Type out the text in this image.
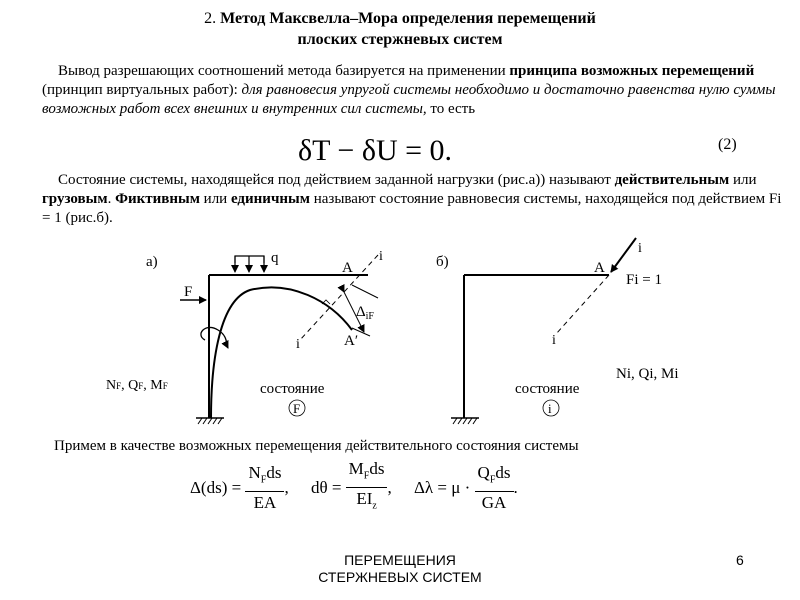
2. Метод Максвелла–Мора определения перемещений
плоских стержневых систем
Вывод разрешающих соотношений метода базируется на применении принципа возможных перемещений (принцип виртуальных работ): для равновесия упругой системы необходимо и достаточно равенства нулю суммы возможных работ всех внешних и внутренних сил системы, то есть
δT − δU = 0.	(2)
Состояние системы, находящейся под действием заданной нагрузки (рис.а)) называют действительным или грузовым. Фиктивным или единичным называют состояние равновесия системы, находящейся под действием Fi = 1 (рис.б).
а)	q
F
i
i
A
A′
$\Delta_{iF}$
NF, QF, MF	состояние
F
б)
i
i
A
Fi = 1
Ni, Qi, Mi
состояние
i
Примем в качестве возможных перемещения действительного состояния системы
$\Delta(ds) = \frac{N_Fds}{EA}$ , $d\theta = \frac{M_Fds}{EI_z}$ , $\Delta\lambda = \mu \cdot \frac{Q_Fds}{GA}$ .
ПЕРЕМЕЩЕНИЯ
СТЕРЖНЕВЫХ СИСТЕМ
6
